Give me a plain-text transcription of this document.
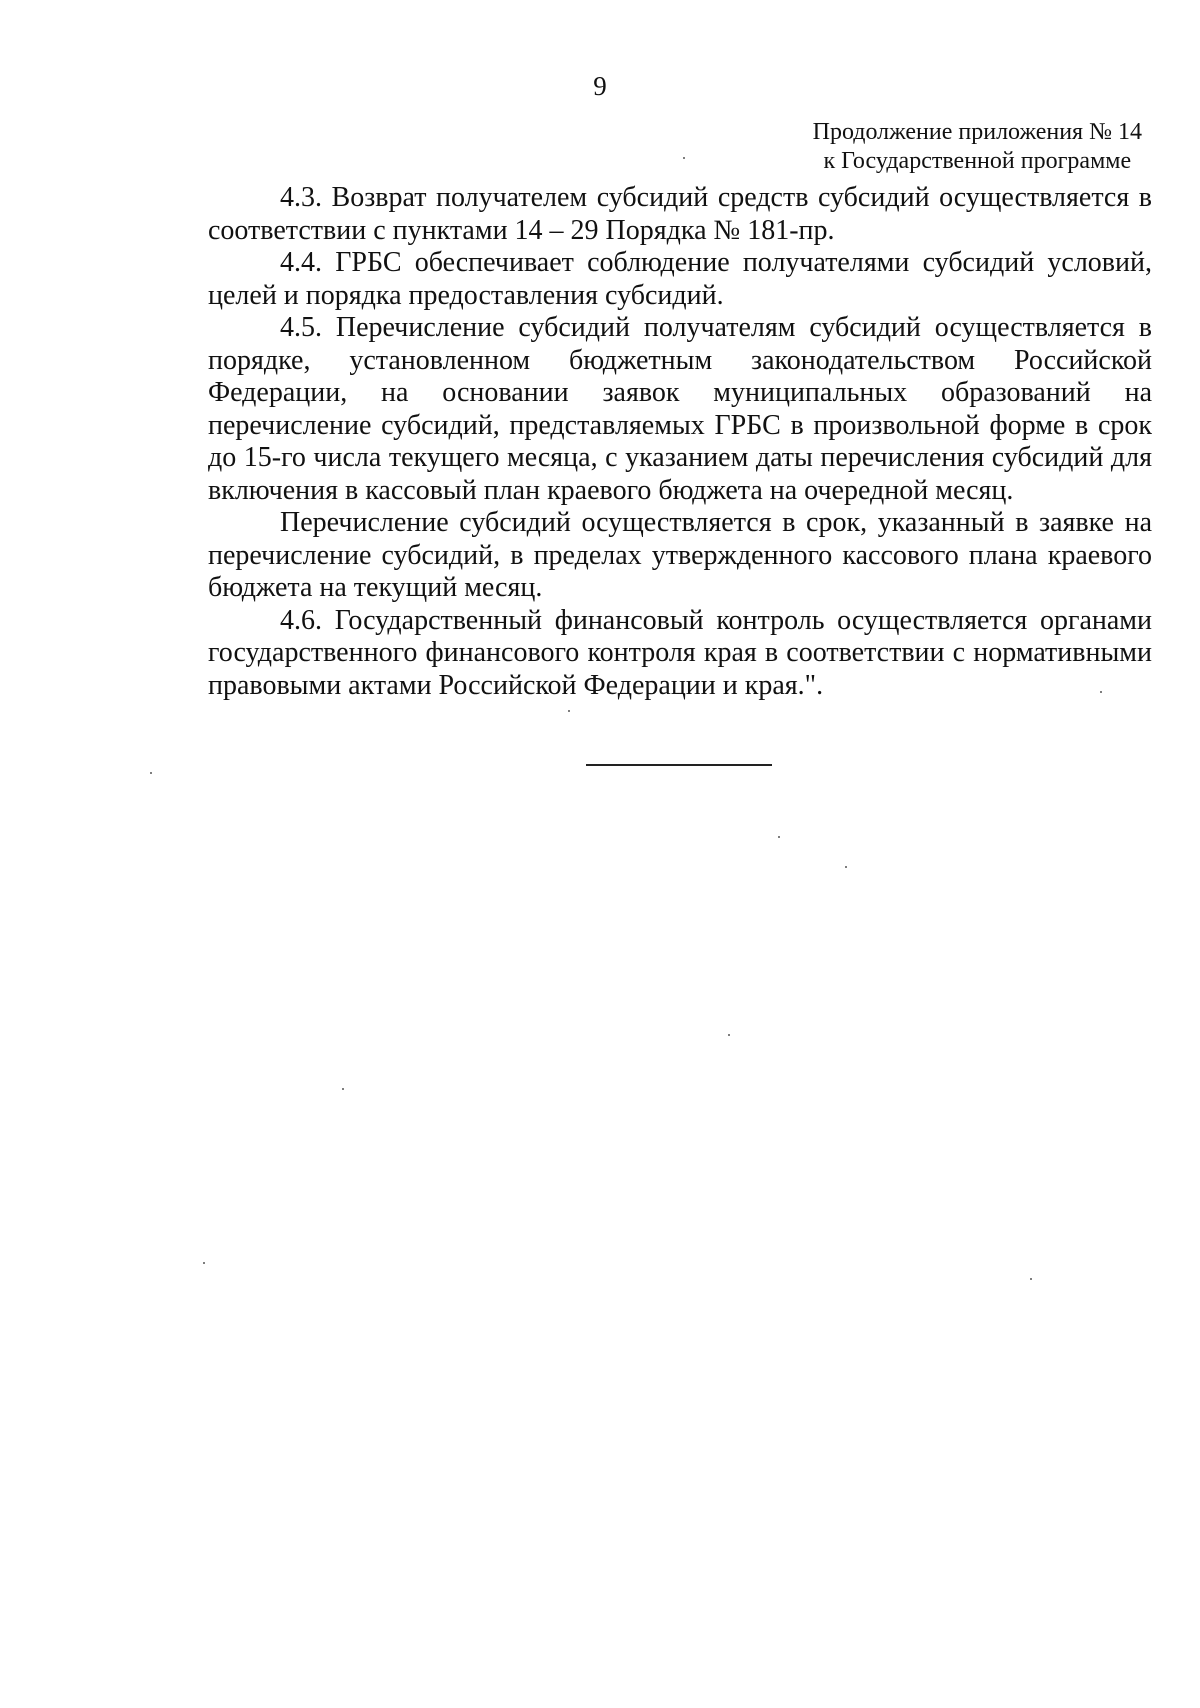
9
Продолжение приложения № 14
к Государственной программе

4.3. Возврат получателем субсидий средств субсидий осуществляется в соответствии с пунктами 14 – 29 Порядка № 181-пр.

4.4. ГРБС обеспечивает соблюдение получателями субсидий условий, целей и порядка предоставления субсидий.

4.5. Перечисление субсидий получателям субсидий осуществляется в порядке, установленном бюджетным законодательством Российской Федерации, на основании заявок муниципальных образований на перечисление субсидий, представляемых ГРБС в произвольной форме в срок до 15-го числа текущего месяца, с указанием даты перечисления субсидий для включения в кассовый план краевого бюджета на очередной месяц.

Перечисление субсидий осуществляется в срок, указанный в заявке на перечисление субсидий, в пределах утвержденного кассового плана краевого бюджета на текущий месяц.

4.6. Государственный финансовый контроль осуществляется органами государственного финансового контроля края в соответствии с нормативными правовыми актами Российской Федерации и края.".
